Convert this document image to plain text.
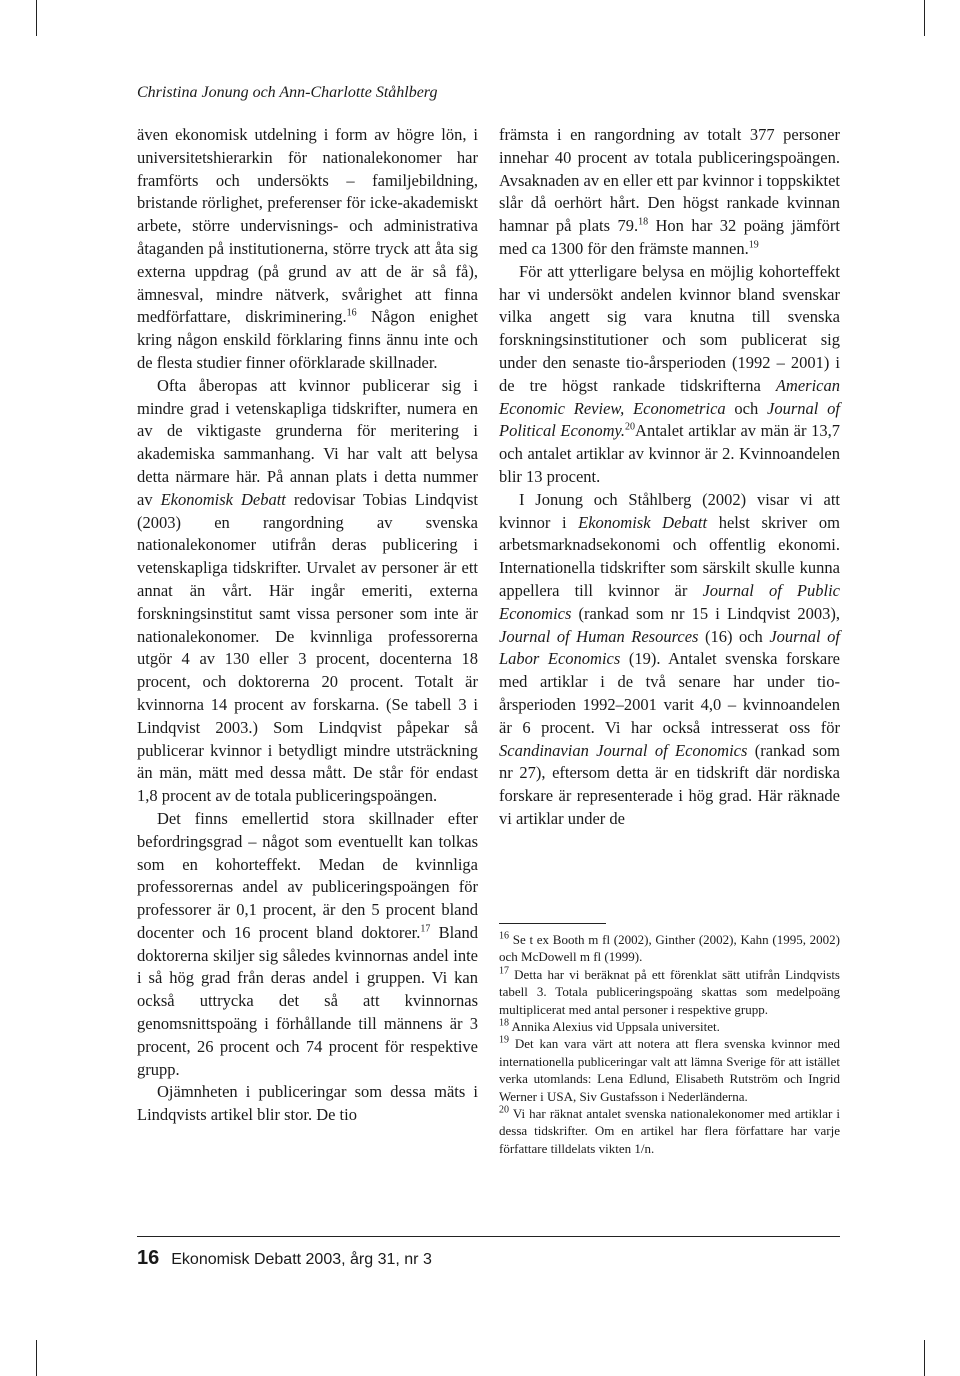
Christina Jonung och Ann-Charlotte Ståhlberg

även ekonomisk utdelning i form av högre lön, i universitetshierarkin för nationalekonomer har framförts och undersökts – familjebildning, bristande rörlighet, preferenser för icke-akademiskt arbete, större undervisnings- och administrativa åtaganden på institutionerna, större tryck att åta sig externa uppdrag (på grund av att de är så få), ämnesval, mindre nätverk, svårighet att finna medförfattare, diskriminering.$^{16}$ Någon enighet kring någon enskild förklaring finns ännu inte och de flesta studier finner oförklarade skillnader.

Ofta åberopas att kvinnor publicerar sig i mindre grad i vetenskapliga tidskrifter, numera en av de viktigaste grunderna för meritering i akademiska sammanhang. Vi har valt att belysa detta närmare här. På annan plats i detta nummer av Ekonomisk Debatt redovisar Tobias Lindqvist (2003) en rangordning av svenska nationalekonomer utifrån deras publicering i vetenskapliga tidskrifter. Urvalet av personer är ett annat än vårt. Här ingår emeriti, externa forskningsinstitut samt vissa personer som inte är nationalekonomer. De kvinnliga professorerna utgör 4 av 130 eller 3 procent, docenterna 18 procent, och doktorerna 20 procent. Totalt är kvinnorna 14 procent av forskarna. (Se tabell 3 i Lindqvist 2003.) Som Lindqvist påpekar så publicerar kvinnor i betydligt mindre utsträckning än män, mätt med dessa mått. De står för endast 1,8 procent av de totala publiceringspoängen.

Det finns emellertid stora skillnader efter befordringsgrad – något som eventuellt kan tolkas som en kohorteffekt. Medan de kvinnliga professorernas andel av publiceringspoängen för professorer är 0,1 procent, är den 5 procent bland docenter och 16 procent bland doktorer.$^{17}$ Bland doktorerna skiljer sig således kvinnornas andel inte i så hög grad från deras andel i gruppen. Vi kan också uttrycka det så att kvinnornas genomsnittspoäng i förhållande till männens är 3 procent, 26 procent och 74 procent för respektive grupp.

Ojämnheten i publiceringar som dessa mäts i Lindqvists artikel blir stor. De tio

främsta i en rangordning av totalt 377 personer innehar 40 procent av totala publiceringspoängen. Avsaknaden av en eller ett par kvinnor i toppskiktet slår då oerhört hårt. Den högst rankade kvinnan hamnar på plats 79.18 Hon har 32 poäng jämfört med ca 1300 för den främste mannen.$^{19}$

För att ytterligare belysa en möjlig kohorteffekt har vi undersökt andelen kvinnor bland svenskar vilka angett sig vara knutna till svenska forskningsinstitutioner och som publicerat sig under den senaste tio-årsperioden (1992 – 2001) i de tre högst rankade tidskrifterna American Economic Review, Econometrica och Journal of Political Economy.$^{20}$Antalet artiklar av män är 13,7 och antalet artiklar av kvinnor är 2. Kvinnoandelen blir 13 procent.

I Jonung och Ståhlberg (2002) visar vi att kvinnor i Ekonomisk Debatt helst skriver om arbetsmarknadsekonomi och offentlig ekonomi. Internationella tidskrifter som särskilt skulle kunna appellera till kvinnor är Journal of Public Economics (rankad som nr 15 i Lindqvist 2003), Journal of Human Resources (16) och Journal of Labor Economics (19). Antalet svenska forskare med artiklar i de två senare har under tio-årsperioden 1992–2001 varit 4,0 – kvinnoandelen är 6 procent. Vi har också intresserat oss för Scandinavian Journal of Economics (rankad som nr 27), eftersom detta är en tidskrift där nordiska forskare är representerade i hög grad. Här räknade vi artiklar under de

$^{16}$ Se t ex Booth m fl (2002), Ginther (2002), Kahn (1995, 2002) och McDowell m fl (1999).

$^{17}$ Detta har vi beräknat på ett förenklat sätt utifrån Lindqvists tabell 3. Totala publiceringspoäng skattas som medelpoäng multiplicerat med antal personer i respektive grupp.

$^{18}$ Annika Alexius vid Uppsala universitet.

$^{19}$ Det kan vara värt att notera att flera svenska kvinnor med internationella publiceringar valt att lämna Sverige för att istället verka utomlands: Lena Edlund, Elisabeth Rutström och Ingrid Werner i USA, Siv Gustafsson i Nederländerna.

$^{20}$ Vi har räknat antalet svenska nationalekonomer med artiklar i dessa tidskrifter. Om en artikel har flera författare har varje författare tilldelats vikten 1/n.

16 Ekonomisk Debatt 2003, årg 31, nr 3
